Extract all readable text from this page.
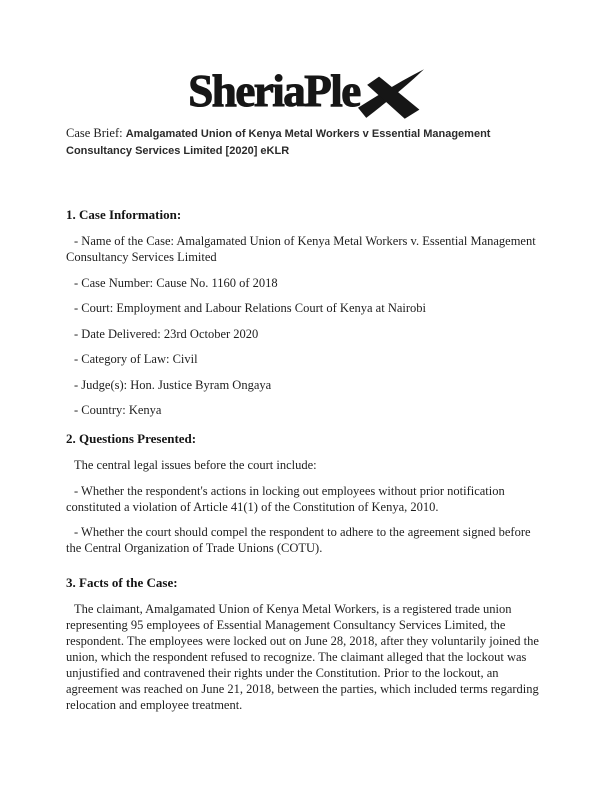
SheriaPle

Case Brief: Amalgamated Union of Kenya Metal Workers v Essential Management Consultancy Services Limited [2020] eKLR

1. Case Information:

- Name of the Case: Amalgamated Union of Kenya Metal Workers v. Essential Management Consultancy Services Limited

- Case Number: Cause No. 1160 of 2018

- Court: Employment and Labour Relations Court of Kenya at Nairobi

- Date Delivered: 23rd October 2020

- Category of Law: Civil

- Judge(s): Hon. Justice Byram Ongaya

- Country: Kenya

2. Questions Presented:

The central legal issues before the court include:

- Whether the respondent's actions in locking out employees without prior notification constituted a violation of Article 41(1) of the Constitution of Kenya, 2010.

- Whether the court should compel the respondent to adhere to the agreement signed before the Central Organization of Trade Unions (COTU).

3. Facts of the Case:

The claimant, Amalgamated Union of Kenya Metal Workers, is a registered trade union representing 95 employees of Essential Management Consultancy Services Limited, the respondent. The employees were locked out on June 28, 2018, after they voluntarily joined the union, which the respondent refused to recognize. The claimant alleged that the lockout was unjustified and contravened their rights under the Constitution. Prior to the lockout, an agreement was reached on June 21, 2018, between the parties, which included terms regarding relocation and employee treatment.
